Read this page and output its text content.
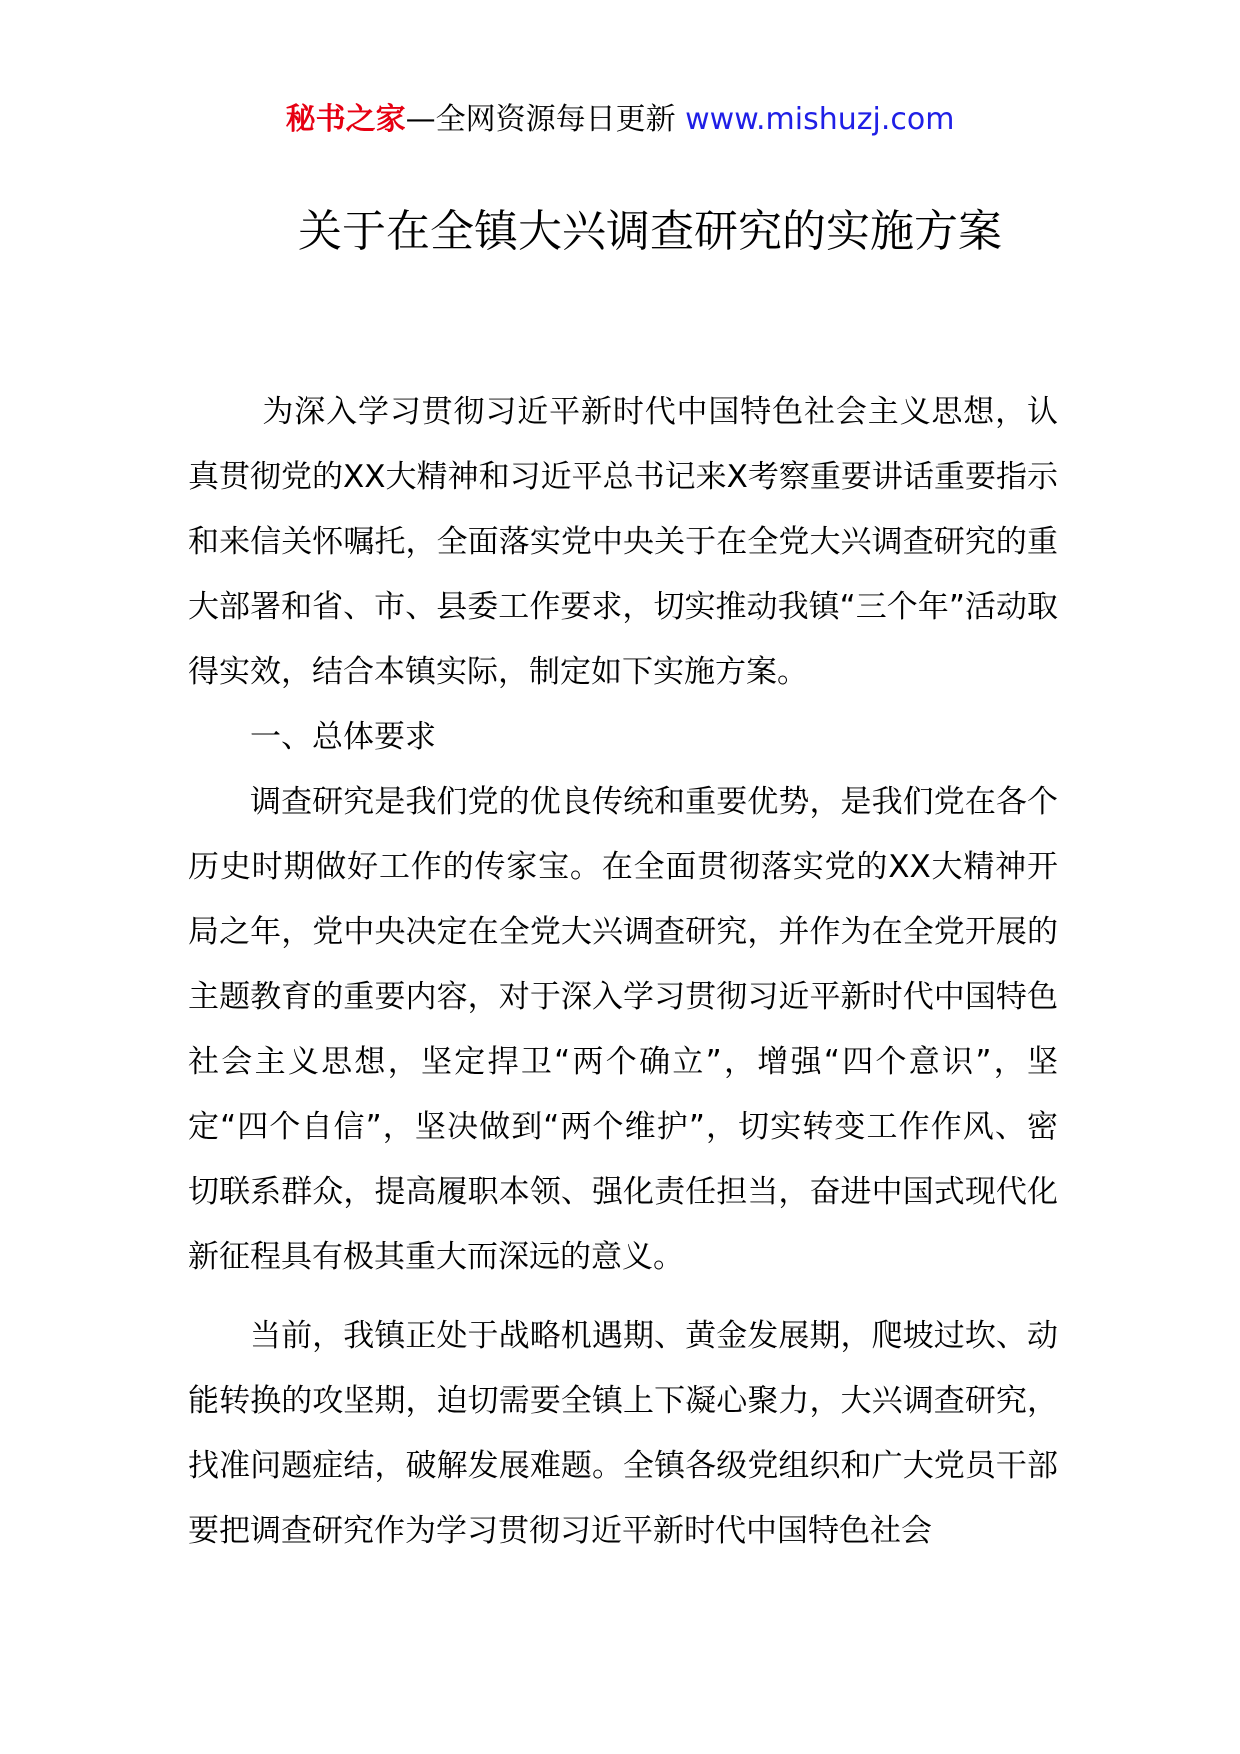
秘书之家—全网资源每日更新 www.mishuzj.com
关于在全镇大兴调查研究的实施方案

为深入学习贯彻习近平新时代中国特色社会主义思想，认真贯彻党的XX大精神和习近平总书记来X考察重要讲话重要指示和来信关怀嘱托，全面落实党中央关于在全党大兴调查研究的重大部署和省、市、县委工作要求，切实推动我镇“三个年”活动取得实效，结合本镇实际，制定如下实施方案。

一、总体要求

调查研究是我们党的优良传统和重要优势，是我们党在各个历史时期做好工作的传家宝。在全面贯彻落实党的XX大精神开局之年，党中央决定在全党大兴调查研究，并作为在全党开展的主题教育的重要内容，对于深入学习贯彻习近平新时代中国特色社会主义思想，坚定捍卫“两个确立”，增强“四个意识”，坚定“四个自信”，坚决做到“两个维护”，切实转变工作作风、密切联系群众，提高履职本领、强化责任担当，奋进中国式现代化新征程具有极其重大而深远的意义。

当前，我镇正处于战略机遇期、黄金发展期，爬坡过坎、动能转换的攻坚期，迫切需要全镇上下凝心聚力，大兴调查研究，找准问题症结，破解发展难题。全镇各级党组织和广大党员干部要把调查研究作为学习贯彻习近平新时代中国特色社会
